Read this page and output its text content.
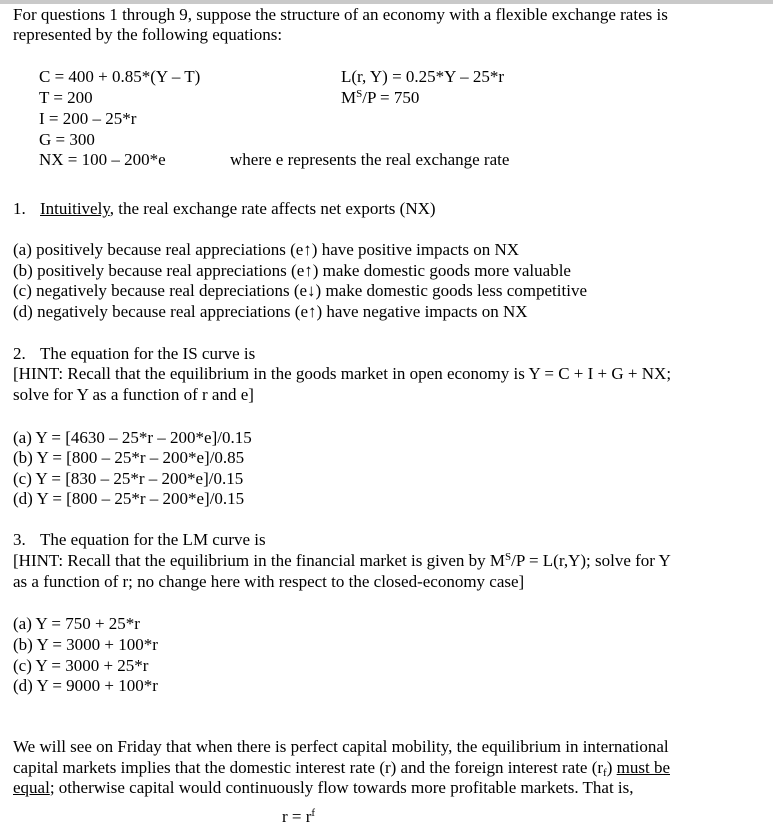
For questions 1 through 9, suppose the structure of an economy with a flexible exchange rates is
represented by the following equations:
C = 400 + 0.85*(Y – T)
T = 200
I = 200 – 25*r
G = 300
NX = 100 – 200*e
L(r, Y) = 0.25*Y – 25*r
$M^S/P = 750$
where e represents the real exchange rate
1. Intuitively, the real exchange rate affects net exports (NX)
(a) positively because real appreciations (e↑) have positive impacts on NX
(b) positively because real appreciations (e↑) make domestic goods more valuable
(c) negatively because real depreciations (e↓) make domestic goods less competitive
(d) negatively because real appreciations (e↑) have negative impacts on NX
2. The equation for the IS curve is
[HINT: Recall that the equilibrium in the goods market in open economy is Y = C + I + G + NX;
solve for Y as a function of r and e]
(a) Y = [4630 – 25*r – 200*e]/0.15
(b) Y = [800 – 25*r – 200*e]/0.85
(c) Y = [830 – 25*r – 200*e]/0.15
(d) Y = [800 – 25*r – 200*e]/0.15
3. The equation for the LM curve is
[HINT: Recall that the equilibrium in the financial market is given by $M^S/P = L(r,Y)$; solve for Y
as a function of r; no change here with respect to the closed-economy case]
(a) Y = 750 + 25*r
(b) Y = 3000 + 100*r
(c) Y = 3000 + 25*r
(d) Y = 9000 + 100*r
We will see on Friday that when there is perfect capital mobility, the equilibrium in international
capital markets implies that the domestic interest rate (r) and the foreign interest rate $(r_f)$ must be
equal; otherwise capital would continuously flow towards more profitable markets. That is,
$r = r^f$
